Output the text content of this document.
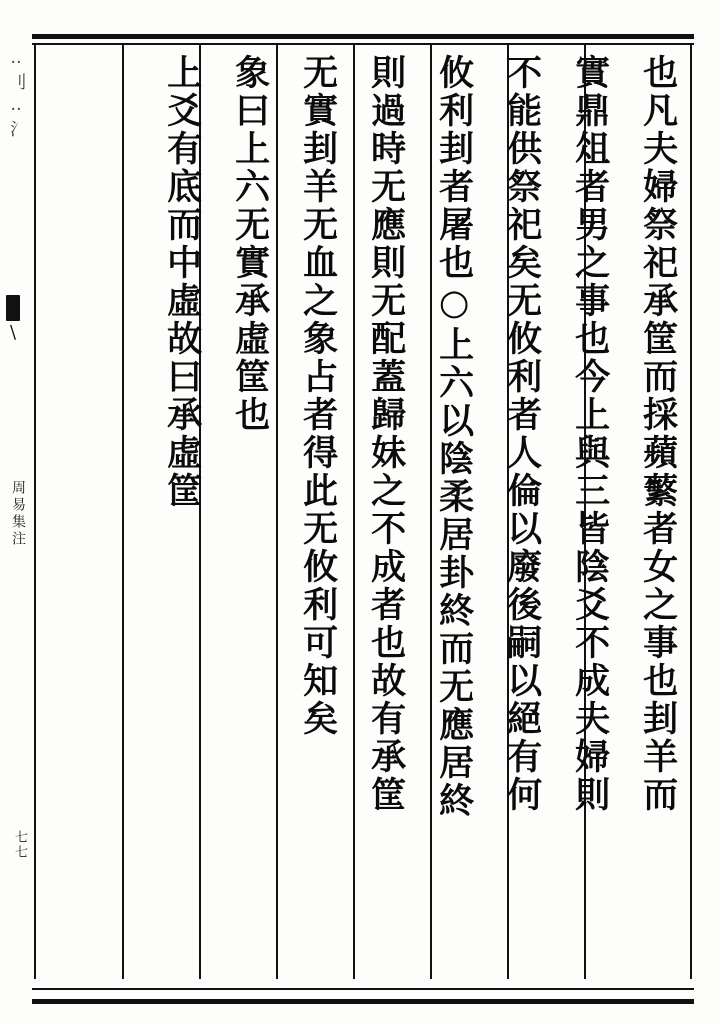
也凡夫婦祭祀承筐而採蘋蘩者女之事也刲羊而
實鼎俎者男之事也今上與三皆陰爻不成夫婦則
不能供祭祀矣无攸利者人倫以廢後嗣以絕有何
攸利刲者屠也○上六以陰柔居卦終而无應居終
則過時无應則无配蓋歸妹之不成者也故有承筐
无實刲羊无血之象占者得此无攸利可知矣
象曰上六无實承虛筐也
上爻有底而中虛故曰承虛筐
‥刂‥氵
\
周易集注
七七
